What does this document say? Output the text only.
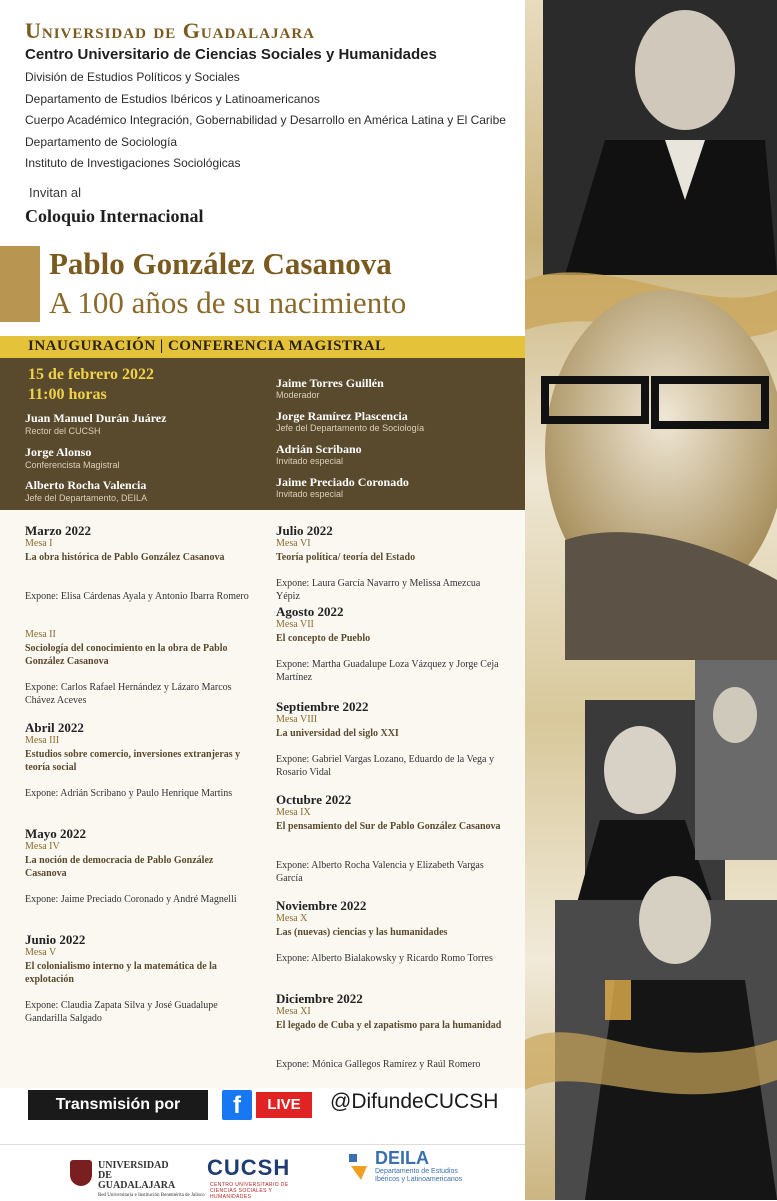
Universidad de Guadalajara
Centro Universitario de Ciencias Sociales y Humanidades
División de Estudios Políticos y Sociales
Departamento de Estudios Ibéricos y Latinoamericanos
Cuerpo Académico Integración, Gobernabilidad y Desarrollo en América Latina y El Caribe
Departamento de Sociología
Instituto de Investigaciones Sociológicas
Invitan al
Coloquio Internacional
Pablo González Casanova
A 100 años de su nacimiento
INAUGURACIÓN | CONFERENCIA MAGISTRAL
15 de febrero 2022
11:00 horas
Juan Manuel Durán Juárez
Rector del CUCSH
Jorge Alonso
Conferencista Magistral
Alberto Rocha Valencia
Jefe del Departamento, DEILA
Jaime Torres Guillén
Moderador
Jorge Ramírez Plascencia
Jefe del Departamento de Sociología
Adrián Scribano
Invitado especial
Jaime Preciado Coronado
Invitado especial
Marzo 2022
Mesa I
La obra histórica de Pablo González Casanova
Expone: Elisa Cárdenas Ayala y Antonio Ibarra Romero
Mesa II
Sociología del conocimiento en la obra de Pablo González Casanova
Expone: Carlos Rafael Hernández y Lázaro Marcos Chávez Aceves
Abril 2022
Mesa III
Estudios sobre comercio, inversiones extranjeras y teoría social
Expone: Adrián Scribano y Paulo Henrique Martins
Mayo 2022
Mesa IV
La noción de democracia de Pablo González Casanova
Expone: Jaime Preciado Coronado y André Magnelli
Junio 2022
Mesa V
El colonialismo interno y la matemática de la explotación
Expone: Claudia Zapata Silva y José Guadalupe Gandarilla Salgado
Julio 2022
Mesa VI
Teoría política/ teoría del Estado
Expone: Laura García Navarro y Melissa Amezcua Yépiz
Agosto 2022
Mesa VII
El concepto de Pueblo
Expone: Martha Guadalupe Loza Vázquez y Jorge Ceja Martínez
Septiembre 2022
Mesa VIII
La universidad del siglo XXI
Expone: Gabriel Vargas Lozano, Eduardo de la Vega y Rosario Vidal
Octubre 2022
Mesa IX
El pensamiento del Sur de Pablo González Casanova
Expone: Alberto Rocha Valencia y Elizabeth Vargas García
Noviembre 2022
Mesa X
Las (nuevas) ciencias y las humanidades
Expone: Alberto Bialakowsky y Ricardo Romo Torres
Diciembre 2022
Mesa XI
El legado de Cuba y el zapatismo para la humanidad
Expone: Mónica Gallegos Ramírez y Raúl Romero
Transmisión por	f	LIVE	@DifundeCUCSH
UNIVERSIDAD DE GUADALAJARA
Red Universitaria e Institución Benemérita de Jalisco
CUCSH
CENTRO UNIVERSITARIO DE CIENCIAS SOCIALES Y HUMANIDADES
DEILA
Departamento de Estudios Ibéricos y Latinoamericanos
